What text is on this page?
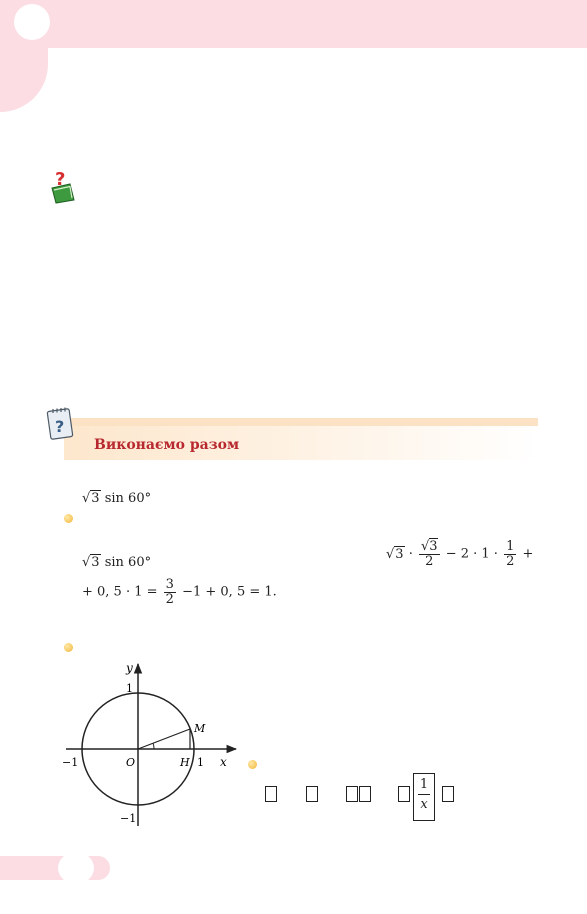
?
?
Виконаємо разом
√3 sin 60°
√3 sin 60°
$√3 \cdot \frac{√3}{2} - 2 \cdot 1 \cdot \frac{1}{2}$ +
+ 0, $5 \cdot 1 = \frac{3}{2} -1 + 0$, 5 = 1.
y
x
1
−1
−1	1
O
M
H
1
x
